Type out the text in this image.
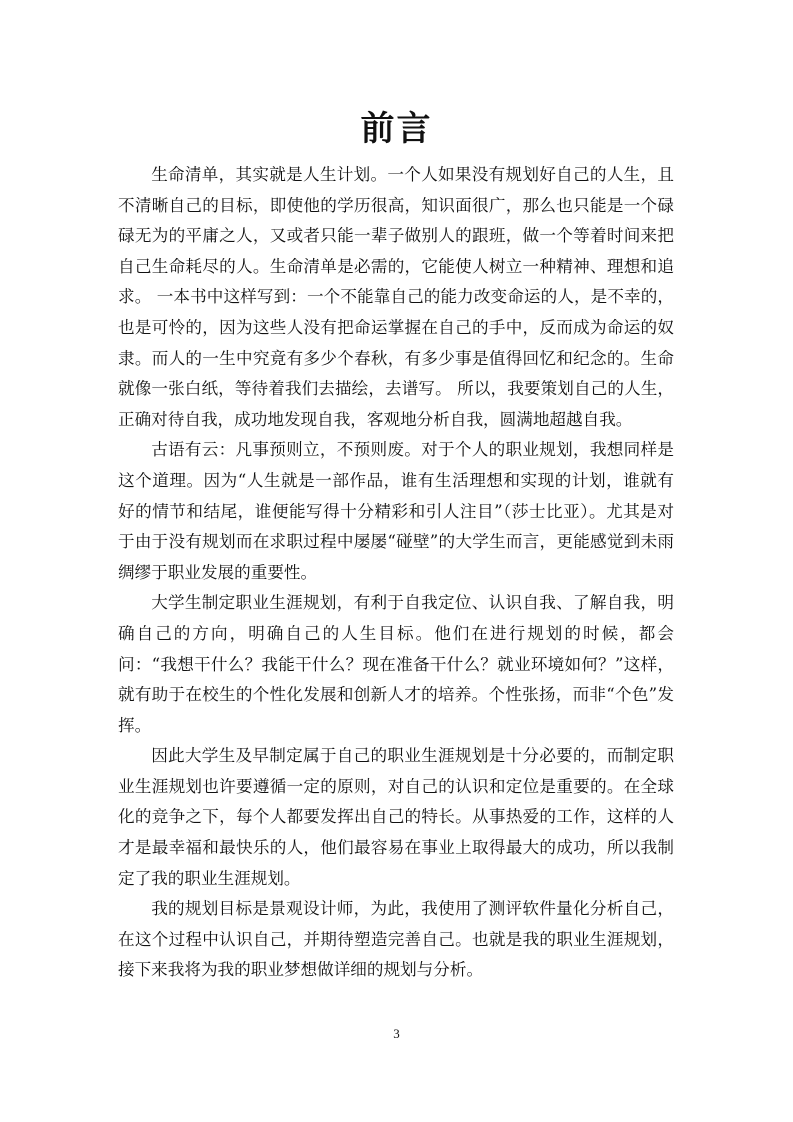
前言

生命清单，其实就是人生计划。一个人如果没有规划好自己的人生，且不清晰自己的目标，即使他的学历很高，知识面很广，那么也只能是一个碌碌无为的平庸之人，又或者只能一辈子做别人的跟班，做一个等着时间来把自己生命耗尽的人。生命清单是必需的，它能使人树立一种精神、理想和追求。 一本书中这样写到：一个不能靠自己的能力改变命运的人，是不幸的，也是可怜的，因为这些人没有把命运掌握在自己的手中，反而成为命运的奴隶。而人的一生中究竟有多少个春秋，有多少事是值得回忆和纪念的。生命就像一张白纸，等待着我们去描绘，去谱写。 所以，我要策划自己的人生，正确对待自我，成功地发现自我，客观地分析自我，圆满地超越自我。

古语有云：凡事预则立，不预则废。对于个人的职业规划，我想同样是这个道理。因为“人生就是一部作品，谁有生活理想和实现的计划，谁就有好的情节和结尾，谁便能写得十分精彩和引人注目”（莎士比亚）。尤其是对于由于没有规划而在求职过程中屡屡“碰壁”的大学生而言，更能感觉到未雨绸缪于职业发展的重要性。

大学生制定职业生涯规划，有利于自我定位、认识自我、了解自我，明确自己的方向，明确自己的人生目标。他们在进行规划的时候，都会问：“我想干什么？我能干什么？现在准备干什么？就业环境如何？”这样，就有助于在校生的个性化发展和创新人才的培养。个性张扬，而非“个色”发挥。

因此大学生及早制定属于自己的职业生涯规划是十分必要的，而制定职业生涯规划也许要遵循一定的原则，对自己的认识和定位是重要的。在全球化的竞争之下，每个人都要发挥出自己的特长。从事热爱的工作，这样的人才是最幸福和最快乐的人，他们最容易在事业上取得最大的成功，所以我制定了我的职业生涯规划。

我的规划目标是景观设计师，为此，我使用了测评软件量化分析自己，在这个过程中认识自己，并期待塑造完善自己。也就是我的职业生涯规划，接下来我将为我的职业梦想做详细的规划与分析。

3
